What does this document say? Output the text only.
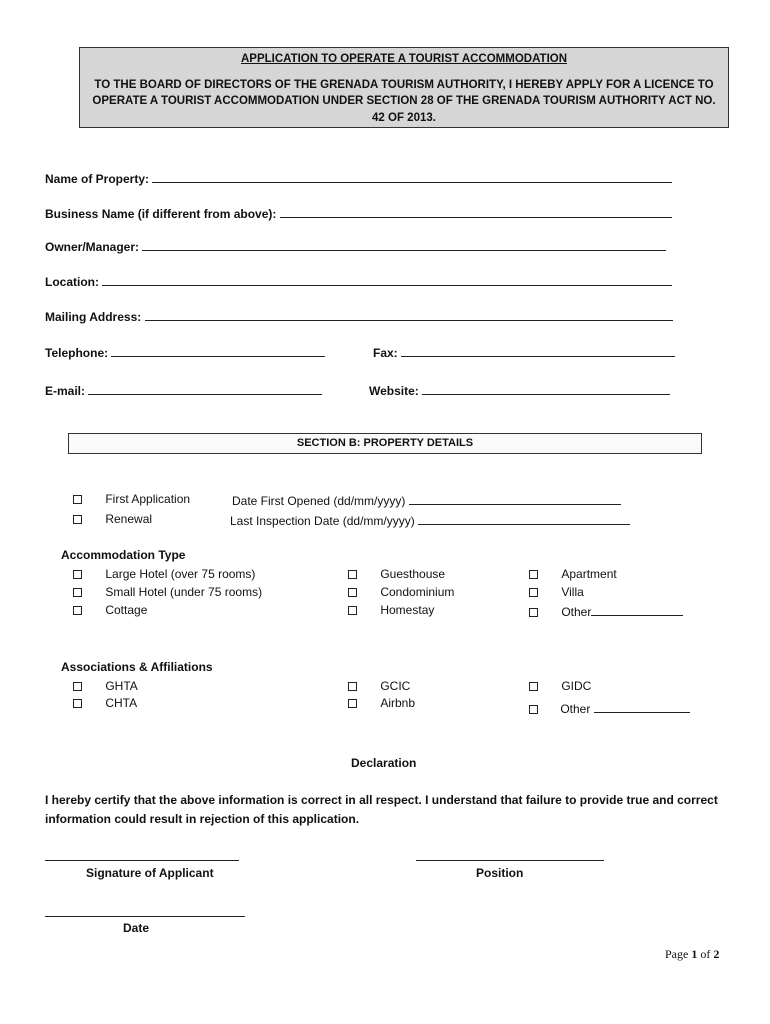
APPLICATION TO OPERATE A TOURIST ACCOMMODATION
TO THE BOARD OF DIRECTORS OF THE GRENADA TOURISM AUTHORITY, I HEREBY APPLY FOR A LICENCE TO OPERATE A TOURIST ACCOMMODATION UNDER SECTION 28 OF THE GRENADA TOURISM AUTHORITY ACT NO. 42 OF 2013.
Name of Property:
Business Name (if different from above):
Owner/Manager:
Location:
Mailing Address:
Telephone:	Fax:
E-mail:	Website:
SECTION B: PROPERTY DETAILS
First Application
Renewal
Date First Opened (dd/mm/yyyy)
Last Inspection Date (dd/mm/yyyy)
Accommodation Type
Large Hotel (over 75 rooms)
Small Hotel (under 75 rooms)
Cottage
Guesthouse
Condominium
Homestay
Apartment
Villa
Other
Associations & Affiliations
GHTA
CHTA
GCIC
Airbnb
GIDC
Other
Declaration
I hereby certify that the above information is correct in all respect. I understand that failure to provide true and correct information could result in rejection of this application.
Signature of Applicant	Position
Date
Page 1 of 2
